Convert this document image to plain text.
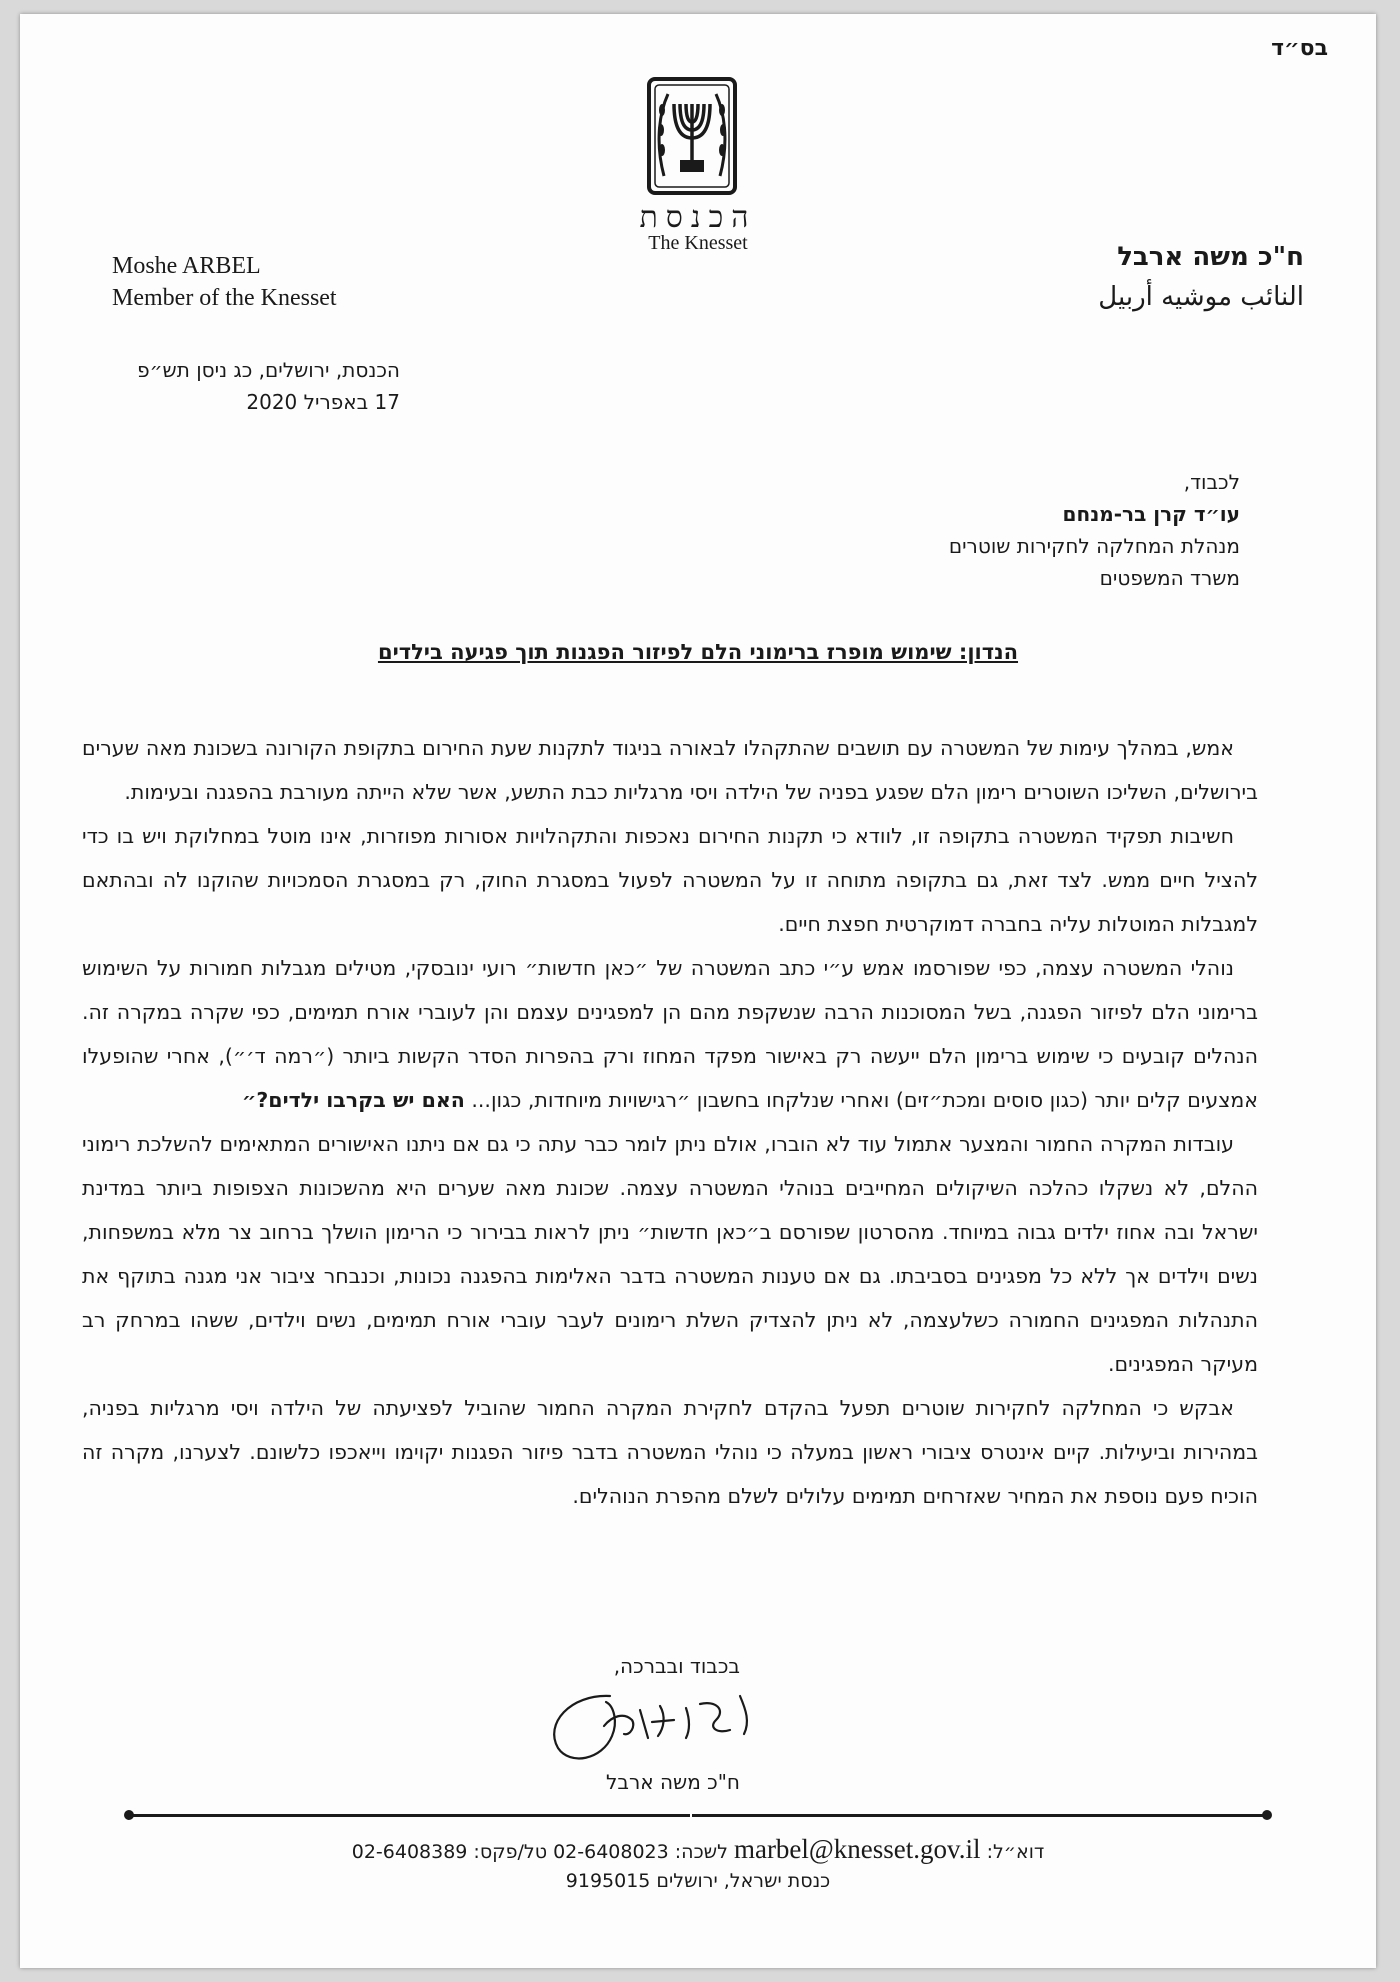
בס״ד
הכנסת
The Knesset
Moshe ARBEL
Member of the Knesset
ח"כ משה ארבל
النائب موشيه أربيل
הכנסת, ירושלים, כג ניסן תש״פ
17 באפריל 2020
לכבוד,
עו״ד קרן בר-מנחם
מנהלת המחלקה לחקירות שוטרים
משרד המשפטים
הנדון: שימוש מופרז ברימוני הלם לפיזור הפגנות תוך פגיעה בילדים

אמש, במהלך עימות של המשטרה עם תושבים שהתקהלו לבאורה בניגוד לתקנות שעת החירום בתקופת הקורונה בשכונת מאה שערים בירושלים, השליכו השוטרים רימון הלם שפגע בפניה של הילדה ויסי מרגליות כבת התשע, אשר שלא הייתה מעורבת בהפגנה ובעימות.

חשיבות תפקיד המשטרה בתקופה זו, לוודא כי תקנות החירום נאכפות והתקהלויות אסורות מפוזרות, אינו מוטל במחלוקת ויש בו כדי להציל חיים ממש. לצד זאת, גם בתקופה מתוחה זו על המשטרה לפעול במסגרת החוק, רק במסגרת הסמכויות שהוקנו לה ובהתאם למגבלות המוטלות עליה בחברה דמוקרטית חפצת חיים.

נוהלי המשטרה עצמה, כפי שפורסמו אמש ע״י כתב המשטרה של ״כאן חדשות״ רועי ינובסקי, מטילים מגבלות חמורות על השימוש ברימוני הלם לפיזור הפגנה, בשל המסוכנות הרבה שנשקפת מהם הן למפגינים עצמם והן לעוברי אורח תמימים, כפי שקרה במקרה זה. הנהלים קובעים כי שימוש ברימון הלם ייעשה רק באישור מפקד המחוז ורק בהפרות הסדר הקשות ביותר (״רמה ד׳״), אחרי שהופעלו אמצעים קלים יותר (כגון סוסים ומכת״זים) ואחרי שנלקחו בחשבון ״רגישויות מיוחדות, כגון... האם יש בקרבו ילדים?״

עובדות המקרה החמור והמצער אתמול עוד לא הוברו, אולם ניתן לומר כבר עתה כי גם אם ניתנו האישורים המתאימים להשלכת רימוני ההלם, לא נשקלו כהלכה השיקולים המחייבים בנוהלי המשטרה עצמה. שכונת מאה שערים היא מהשכונות הצפופות ביותר במדינת ישראל ובה אחוז ילדים גבוה במיוחד. מהסרטון שפורסם ב״כאן חדשות״ ניתן לראות בבירור כי הרימון הושלך ברחוב צר מלא במשפחות, נשים וילדים אך ללא כל מפגינים בסביבתו. גם אם טענות המשטרה בדבר האלימות בהפגנה נכונות, וכנבחר ציבור אני מגנה בתוקף את התנהלות המפגינים החמורה כשלעצמה, לא ניתן להצדיק השלת רימונים לעבר עוברי אורח תמימים, נשים וילדים, ששהו במרחק רב מעיקר המפגינים.

אבקש כי המחלקה לחקירות שוטרים תפעל בהקדם לחקירת המקרה החמור שהוביל לפציעתה של הילדה ויסי מרגליות בפניה, במהירות וביעילות. קיים אינטרס ציבורי ראשון במעלה כי נוהלי המשטרה בדבר פיזור הפגנות יקוימו וייאכפו כלשונם. לצערנו, מקרה זה הוכיח פעם נוספת את המחיר שאזרחים תמימים עלולים לשלם מהפרת הנוהלים.

בכבוד ובברכה,
ח"כ משה ארבל
דוא״ל: marbel@knesset.gov.il לשכה: 02-6408023 טל/פקס: 02-6408389
כנסת ישראל, ירושלים 9195015
